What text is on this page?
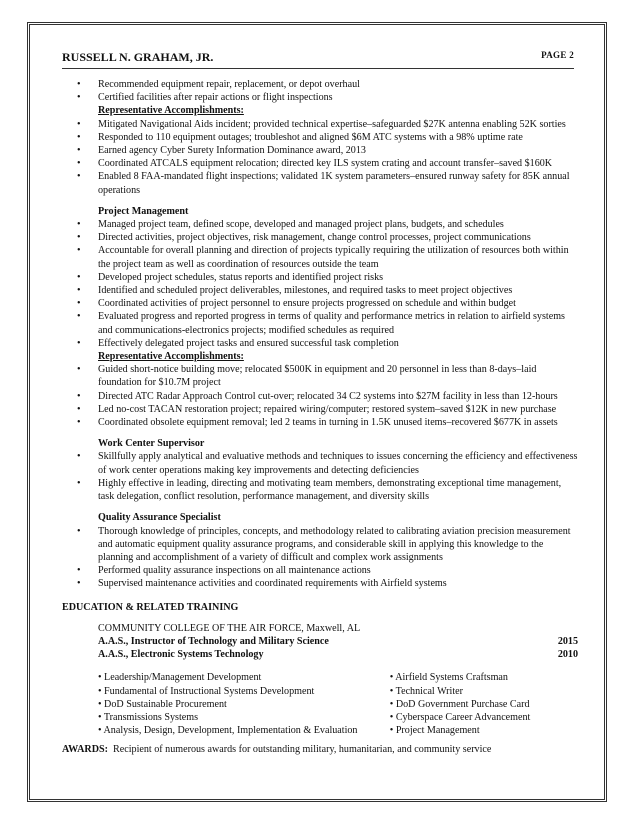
RUSSELL N. GRAHAM, JR.	PAGE 2
• Recommended equipment repair, replacement, or depot overhaul
• Certified facilities after repair actions or flight inspections
Representative Accomplishments:
• Mitigated Navigational Aids incident; provided technical expertise–safeguarded $27K antenna enabling 52K sorties
• Responded to 110 equipment outages; troubleshot and aligned $6M ATC systems with a 98% uptime rate
• Earned agency Cyber Surety Information Dominance award, 2013
• Coordinated ATCALS equipment relocation; directed key ILS system crating and account transfer–saved $160K
• Enabled 8 FAA-mandated flight inspections; validated 1K system parameters–ensured runway safety for 85K annual operations
Project Management
• Managed project team, defined scope, developed and managed project plans, budgets, and schedules
• Directed activities, project objectives, risk management, change control processes, project communications
• Accountable for overall planning and direction of projects typically requiring the utilization of resources both within the project team as well as coordination of resources outside the team
• Developed project schedules, status reports and identified project risks
• Identified and scheduled project deliverables, milestones, and required tasks to meet project objectives
• Coordinated activities of project personnel to ensure projects progressed on schedule and within budget
• Evaluated progress and reported progress in terms of quality and performance metrics in relation to airfield systems and communications-electronics projects; modified schedules as required
• Effectively delegated project tasks and ensured successful task completion
Representative Accomplishments:
• Guided short-notice building move; relocated $500K in equipment and 20 personnel in less than 8-days–laid foundation for $10.7M project
• Directed ATC Radar Approach Control cut-over; relocated 34 C2 systems into $27M facility in less than 12-hours
• Led no-cost TACAN restoration project; repaired wiring/computer; restored system–saved $12K in new purchase
• Coordinated obsolete equipment removal; led 2 teams in turning in 1.5K unused items–recovered $677K in assets
Work Center Supervisor
• Skillfully apply analytical and evaluative methods and techniques to issues concerning the efficiency and effectiveness of work center operations making key improvements and detecting deficiencies
• Highly effective in leading, directing and motivating team members, demonstrating exceptional time management, task delegation, conflict resolution, performance management, and diversity skills
Quality Assurance Specialist
• Thorough knowledge of principles, concepts, and methodology related to calibrating aviation precision measurement and automatic equipment quality assurance programs, and considerable skill in applying this knowledge to the planning and accomplishment of a variety of difficult and complex work assignments
• Performed quality assurance inspections on all maintenance actions
• Supervised maintenance activities and coordinated requirements with Airfield systems
EDUCATION & RELATED TRAINING
COMMUNITY COLLEGE OF THE AIR FORCE, Maxwell, AL
A.A.S., Instructor of Technology and Military Science	2015
A.A.S., Electronic Systems Technology	2010
• Leadership/Management Development
• Fundamental of Instructional Systems Development
• DoD Sustainable Procurement
• Transmissions Systems
• Analysis, Design, Development, Implementation & Evaluation
• Airfield Systems Craftsman
• Technical Writer
• DoD Government Purchase Card
• Cyberspace Career Advancement
• Project Management
AWARDS: Recipient of numerous awards for outstanding military, humanitarian, and community service
